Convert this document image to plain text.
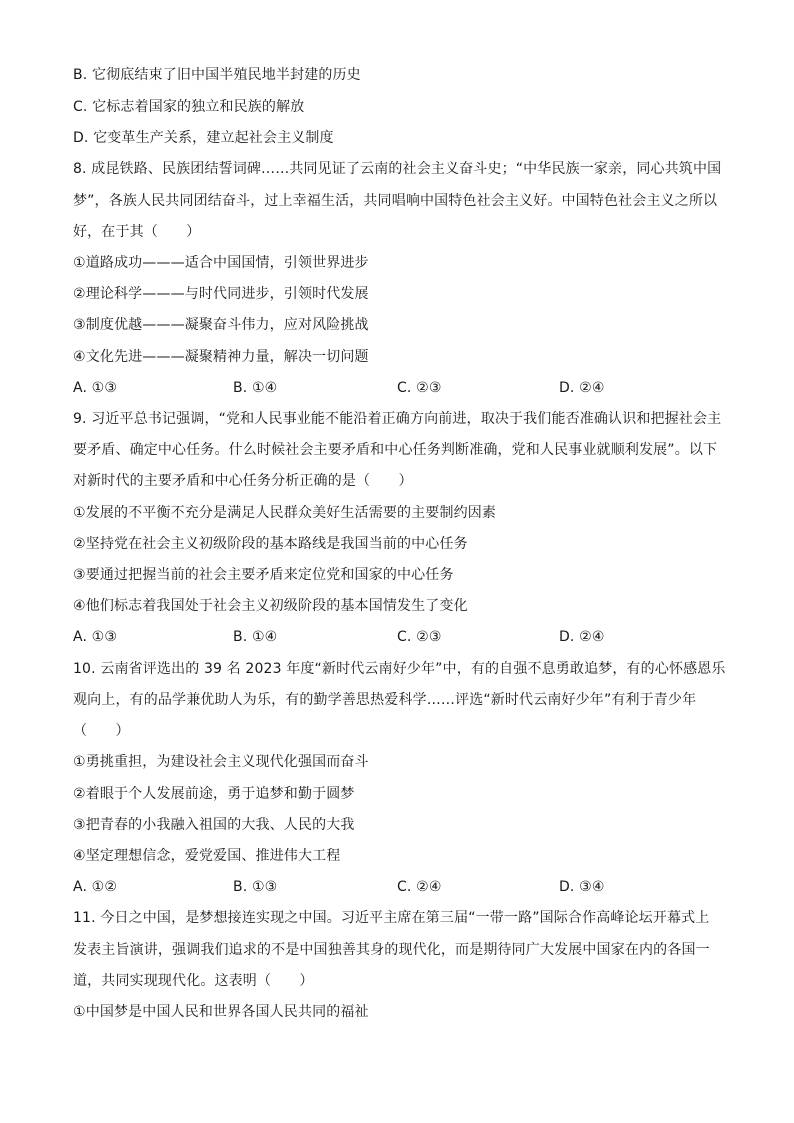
B. 它彻底结束了旧中国半殖民地半封建的历史
C. 它标志着国家的独立和民族的解放
D. 它变革生产关系，建立起社会主义制度
8. 成昆铁路、民族团结誓词碑……共同见证了云南的社会主义奋斗史；“中华民族一家亲，同心共筑中国
梦”，各族人民共同团结奋斗，过上幸福生活，共同唱响中国特色社会主义好。中国特色社会主义之所以
好，在于其（　　）
①道路成功———适合中国国情，引领世界进步
②理论科学———与时代同进步，引领时代发展
③制度优越———凝聚奋斗伟力，应对风险挑战
④文化先进———凝聚精神力量，解决一切问题
A. ①③	B. ①④	C. ②③	D. ②④
9. 习近平总书记强调，“党和人民事业能不能沿着正确方向前进，取决于我们能否准确认识和把握社会主
要矛盾、确定中心任务。什么时候社会主要矛盾和中心任务判断准确，党和人民事业就顺利发展”。以下
对新时代的主要矛盾和中心任务分析正确的是（　　）
①发展的不平衡不充分是满足人民群众美好生活需要的主要制约因素
②坚持党在社会主义初级阶段的基本路线是我国当前的中心任务
③要通过把握当前的社会主要矛盾来定位党和国家的中心任务
④他们标志着我国处于社会主义初级阶段的基本国情发生了变化
A. ①③	B. ①④	C. ②③	D. ②④
10. 云南省评选出的 39 名 2023 年度“新时代云南好少年”中，有的自强不息勇敢追梦，有的心怀感恩乐
观向上，有的品学兼优助人为乐，有的勤学善思热爱科学……评选“新时代云南好少年”有利于青少年
（　　）
①勇挑重担，为建设社会主义现代化强国而奋斗
②着眼于个人发展前途，勇于追梦和勤于圆梦
③把青春的小我融入祖国的大我、人民的大我
④坚定理想信念，爱党爱国、推进伟大工程
A. ①②	B. ①③	C. ②④	D. ③④
11. 今日之中国，是梦想接连实现之中国。习近平主席在第三届“一带一路”国际合作高峰论坛开幕式上
发表主旨演讲，强调我们追求的不是中国独善其身的现代化，而是期待同广大发展中国家在内的各国一
道，共同实现现代化。这表明（　　）
①中国梦是中国人民和世界各国人民共同的福祉
